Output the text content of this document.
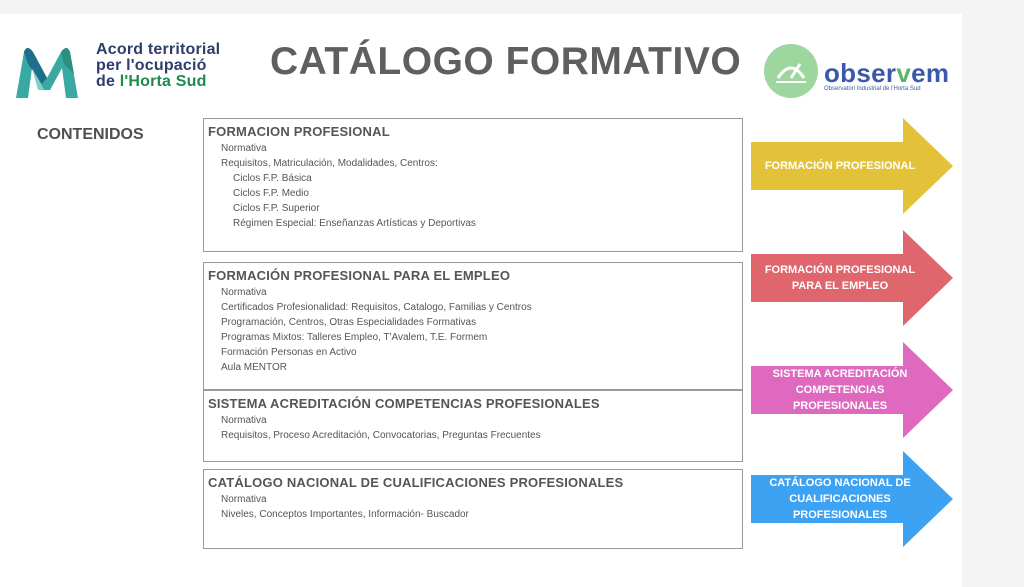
Acord territorial
per l'ocupació
de l'Horta Sud	CATÁLOGO FORMATIVO	observem
Observatori Industrial de l'Horta Sud
CONTENIDOS	FORMACION PROFESIONAL
Normativa
Requisitos, Matriculación, Modalidades, Centros:
Ciclos F.P. Básica
Ciclos F.P. Medio
Ciclos F.P. Superior
Régimen Especial: Enseñanzas Artísticas y Deportivas
FORMACIÓN PROFESIONAL PARA EL EMPLEO
Normativa
Certificados Profesionalidad: Requisitos, Catalogo, Familias y Centros
Programación, Centros, Otras Especialidades Formativas
Programas Mixtos: Talleres Empleo, T'Avalem, T.E. Formem
Formación Personas en Activo
Aula MENTOR
SISTEMA ACREDITACIÓN COMPETENCIAS PROFESIONALES
Normativa
Requisitos, Proceso Acreditación, Convocatorias, Preguntas Frecuentes
CATÁLOGO NACIONAL DE CUALIFICACIONES PROFESIONALES
Normativa
Niveles, Conceptos Importantes, Información- Buscador
FORMACIÓN PROFESIONAL
FORMACIÓN PROFESIONAL PARA EL EMPLEO
SISTEMA ACREDITACIÓN COMPETENCIAS PROFESIONALES
CATÁLOGO NACIONAL DE CUALIFICACIONES PROFESIONALES
